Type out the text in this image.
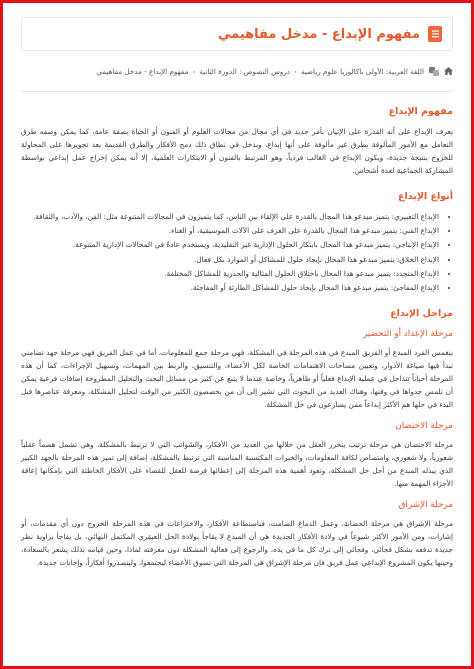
مفهوم الإبداع - مدخل مفاهيمي
اللغة العربية: الأولى باكالوريا علوم رياضية
›
دروس النصوص : الدورة الثانية
›
مفهوم الإبداع - مدخل مفاهيمي
مفهوم الإبداع

يعرف الإبداع على أنه القدرة على الإتيان بأمر جديد في أي مجال من مجالات العلوم أو الفنون أو الحياة بصفة عامة، كما يمكن وصفه طرق التعامل مع الأمور المألوفة بطرق غير مألوفة على أنها إبداع، ويدخل في نطاق ذلك دمج الأفكار والطرق القديمة بعد تحويرها على المحاولة للخروج بنتيجة جديدة، ويكون الإبداع في الغالب فردياً، وهو المرتبط بالفنون أو الابتكارات العلمية، إلا أنه يمكن إخراج عمل إبداعي بواسطة المشاركة الجماعية لعدة أشخاص.

أنواع الإبداع
• الإبداع التعبيري: يتميز مبدعو هذا المجال بالقدرة على الإلقاء بين الناس، كما يتميزون في المجالات المتنوعة مثل: الفن، والأدب، والثقافة.
• الإبداع الفني: يتميز مبدعو هذا المجال بالقدرة على العزف على الآلات الموسيقية، أو الغناء.
• الإبداع الإنتاجي: يتميز مبدعو هذا المجال بابتكار الحلول الإدارية غير التقليدية، ويستخدم عادةً في المجالات الإدارية المتنوعة.
• الإبداع الخلاق: يتميز مبدعو هذا المجال بإيجاد حلول للمشاكل أو الموارد بكل فعال.
• الإبداع المتجدد: يتميز مبدعو هذا المجال باختلاق الحلول المثالية والجذرية للمشاكل المختلفة.
• الإبداع المفاجئ: يتميز مبدعو هذا المجال بإيجاد حلول للمشاكل الطارئة أو المفاجئة.
مراحل الإبداع
مرحلة الإعداد أو التحضير

ينغمس الفرد المبدع أو الفريق المبدع في هذه المرحلة في المشكلة، فهي مرحلة جمع للمعلومات، أما في عمل الفريق فهي مرحلة جهد تضامني تبدأ فيها صياغة الأدوار، وتعيين مساحات الاهتمامات الخاصة لكل الأعضاء، والتنسيق، والربط بين المهمات، وتسهيل الإجراءات، كما أن هذه المرحلة أحياناً تتداخل في عملية الإبداع فعلياً أو ظاهرياً، وخاصة عندما لا يتبع عن كثير من مسائل البحث والتحليل المطروحة إضافات فرعية يمكن أن تلمس جدواها في وقتها، وهناك العديد من البحوث التي تشير إلى أن من يخصصون الكثير من الوقت لتحليل المشكلة، ومعرفة عناصرها قبل البدء في حلها هم الأكثر إبداعاً ممن يسارعون في حل المشكلة.

مرحلة الاحتضان

مرحلة الاحتضان هي مرحلة ترتيب يتحرر العقل من خلالها من العديد من الأفكار، والشوائب التي لا ترتبط بالمشكلة، وهي تشمل هضماً عقلياً شعورياً، ولا شعوري، وامتصاص لكافة المعلومات، والخبرات المكتسبة المناسبة التي ترتبط بالمشكلة، إضافة إلى تميز هذه المرحلة بالجهد الكبير الذي يبذله المبدع من أجل حل المشكلة، وتعود أهمية هذه المرحلة إلى إعطائها فرصة للعقل للقضاء على الأفكار الخاطئة التي بإمكانها إعاقة الأجزاء المهمة منها.

مرحلة الإشراق

مرحلة الإشراق هي مرحلة الحضانة، وعمل الدماغ الصامت، فباستطاعة الأفكار، والاختراعات في هذه المرحلة الخروج دون أي مقدمات، أو إشارات، ومن الأمور الأكثر شيوعاً في ولادة الأفكار الجديدة هي أن المبدع لا يقاجأ بولادة الحل العبقري المكتمل النهائي، بل يفاجأ بزاوية نظر جديدة تدفعه بشكل فجائي، وفجائي إلى ترك كل ما في يده، والرجوع إلى فعالية المشكلة دون معرفته لماذا، وحين قيامه بذلك يشعر بالسعادة، وحينها يكون المشروع الإبداعي عمل فريق فإن مرحلة الإشراق هي المرحلة التي تسوق الأعضاء ليجتمعوا، وليتصدروا أفكاراً، وإجابات جديدة.
